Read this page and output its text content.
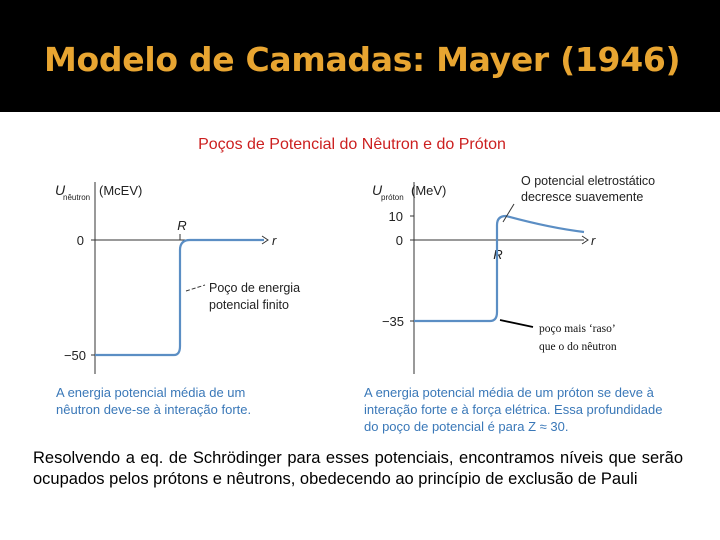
Modelo de Camadas: Mayer (1946)
Poços de Potencial do Nêutron e do Próton
U
nêutron (McEV)
0
−50
R
r
Poço de energia
potencial finito
A energia potencial média de um
nêutron deve-se à interação forte.
U
próton (MeV)
10
0
−35
R
r
O potencial eletrostático
decresce suavemente
poço mais ‘raso’
que o do nêutron
A energia potencial média de um próton se deve à
interação forte e à força elétrica. Essa profundidade
do poço de potencial é para Z ≈ 30.

Resolvendo a eq. de Schrödinger para esses potenciais, encontramos níveis que serão ocupados pelos prótons e nêutrons, obedecendo ao princípio de exclusão de Pauli
